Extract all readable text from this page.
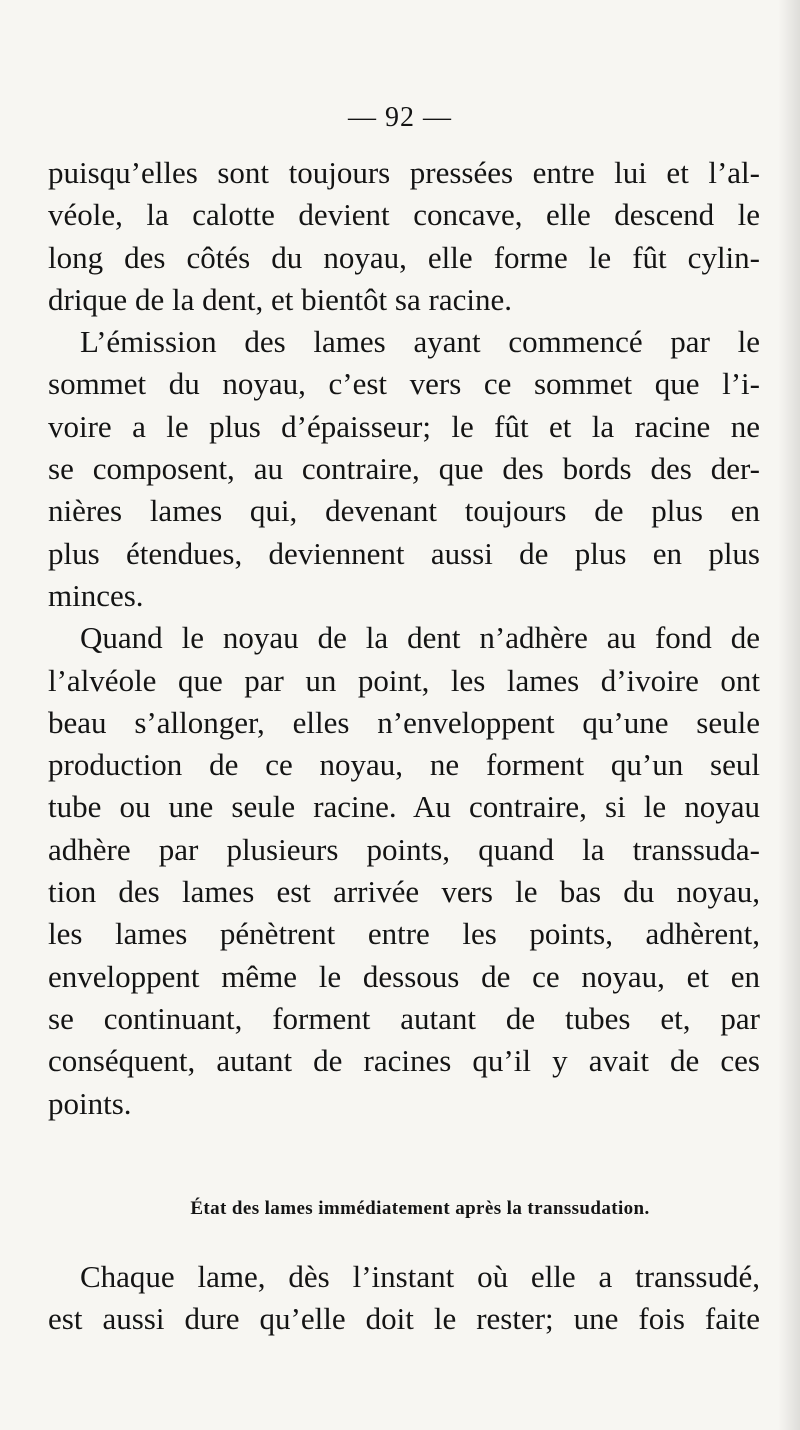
— 92 —
puisqu’elles sont toujours pressées entre lui et l’al-
véole, la calotte devient concave, elle descend le
long des côtés du noyau, elle forme le fût cylin-
drique de la dent, et bientôt sa racine.
L’émission des lames ayant commencé par le
sommet du noyau, c’est vers ce sommet que l’i-
voire a le plus d’épaisseur; le fût et la racine ne
se composent, au contraire, que des bords des der-
nières lames qui, devenant toujours de plus en
plus étendues, deviennent aussi de plus en plus
minces.
Quand le noyau de la dent n’adhère au fond de
l’alvéole que par un point, les lames d’ivoire ont
beau s’allonger, elles n’enveloppent qu’une seule
production de ce noyau, ne forment qu’un seul
tube ou une seule racine. Au contraire, si le noyau
adhère par plusieurs points, quand la transsuda-
tion des lames est arrivée vers le bas du noyau,
les lames pénètrent entre les points, adhèrent,
enveloppent même le dessous de ce noyau, et en
se continuant, forment autant de tubes et, par
conséquent, autant de racines qu’il y avait de ces
points.
État des lames immédiatement après la transsudation.
Chaque lame, dès l’instant où elle a transsudé,
est aussi dure qu’elle doit le rester; une fois faite
